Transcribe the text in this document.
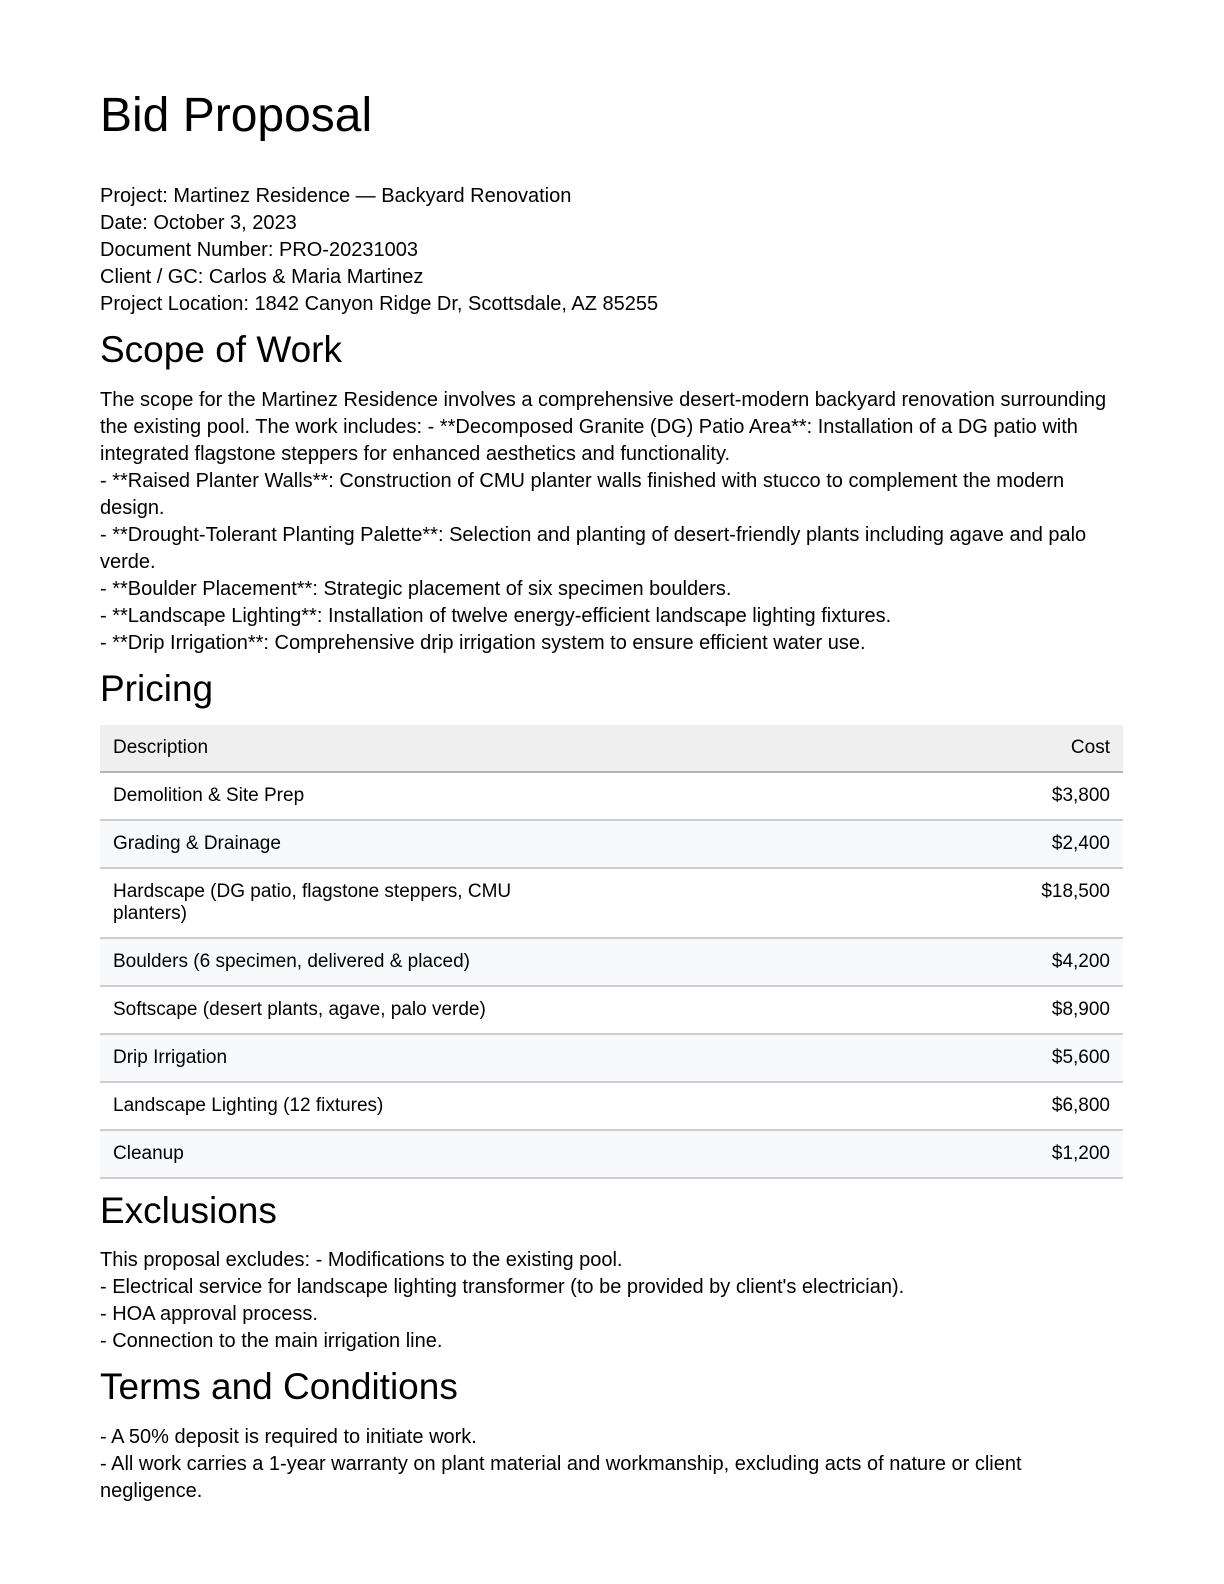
Bid Proposal

Project: Martinez Residence — Backyard Renovation

Date: October 3, 2023

Document Number: PRO-20231003

Client / GC: Carlos & Maria Martinez

Project Location: 1842 Canyon Ridge Dr, Scottsdale, AZ 85255

Scope of Work
The scope for the Martinez Residence involves a comprehensive desert-modern backyard renovation surrounding the existing pool. The work includes: - **Decomposed Granite (DG) Patio Area**: Installation of a DG patio with integrated flagstone steppers for enhanced aesthetics and functionality.
- **Raised Planter Walls**: Construction of CMU planter walls finished with stucco to complement the modern design.
- **Drought-Tolerant Planting Palette**: Selection and planting of desert-friendly plants including agave and palo verde.
- **Boulder Placement**: Strategic placement of six specimen boulders.
- **Landscape Lighting**: Installation of twelve energy-efficient landscape lighting fixtures.
- **Drip Irrigation**: Comprehensive drip irrigation system to ensure efficient water use.
Pricing
Description	Cost
Demolition & Site Prep	$3,800
Grading & Drainage	$2,400
Hardscape (DG patio, flagstone steppers, CMU planters)	$18,500
Boulders (6 specimen, delivered & placed)	$4,200
Softscape (desert plants, agave, palo verde)	$8,900
Drip Irrigation	$5,600
Landscape Lighting (12 fixtures)	$6,800
Cleanup	$1,200
Exclusions
This proposal excludes: - Modifications to the existing pool.
- Electrical service for landscape lighting transformer (to be provided by client's electrician).
- HOA approval process.
- Connection to the main irrigation line.
Terms and Conditions
- A 50% deposit is required to initiate work.
- All work carries a 1-year warranty on plant material and workmanship, excluding acts of nature or client negligence.
